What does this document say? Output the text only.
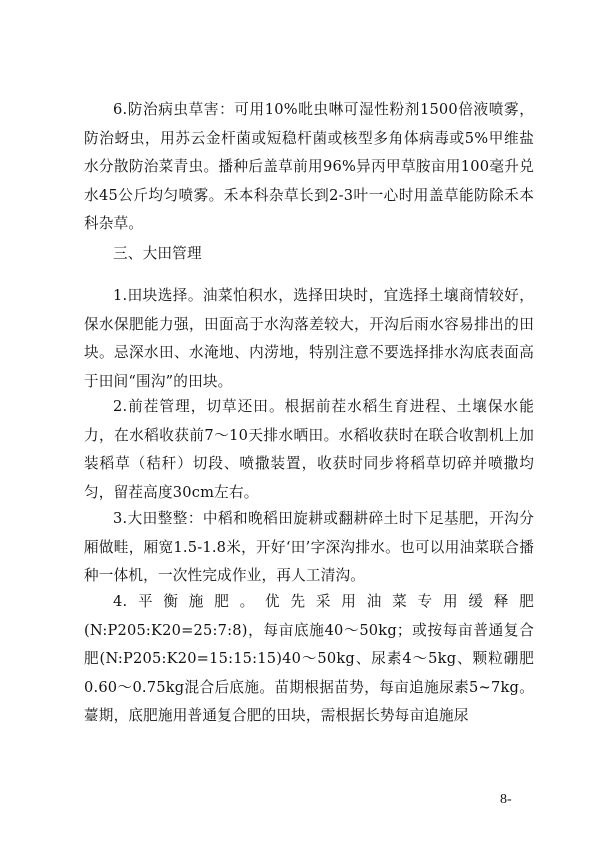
6.防治病虫草害：可用10%吡虫啉可湿性粉剂1500倍液喷雾，防治蚜虫，用苏云金杆菌或短稳杆菌或核型多角体病毒或5%甲维盐水分散防治菜青虫。播种后盖草前用96%异丙甲草胺亩用100毫升兑水45公斤均匀喷雾。禾本科杂草长到2-3叶一心时用盖草能防除禾本科杂草。

三、大田管理

1.田块选择。油菜怕积水，选择田块时，宜选择土壤商情较好，保水保肥能力强，田面高于水沟落差较大，开沟后雨水容易排出的田块。忌深水田、水淹地、内涝地，特别注意不要选择排水沟底表面高于田间“围沟”的田块。

2.前茬管理，切草还田。根据前茬水稻生育进程、土壤保水能力，在水稻收获前7～10天排水晒田。水稻收获时在联合收割机上加装稻草（秸秆）切段、喷撒装置，收获时同步将稻草切碎并喷撒均匀，留茬高度30cm左右。

3.大田整整：中稻和晚稻田旋耕或翻耕碎土时下足基肥，开沟分厢做畦，厢宽1.5-1.8米，开好‘田’字深沟排水。也可以用油菜联合播种一体机，一次性完成作业，再人工清沟。

4.平衡施肥。优先采用油菜专用缓释肥(N:P205:K20=25:7:8)，每亩底施40～50kg；或按每亩普通复合肥(N:P205:K20=15:15:15)40～50kg、尿素4～5kg、颗粒硼肥0.60～0.75kg混合后底施。苗期根据苗势，每亩追施尿素5~7kg。薹期，底肥施用普通复合肥的田块，需根据长势每亩追施尿

8-
